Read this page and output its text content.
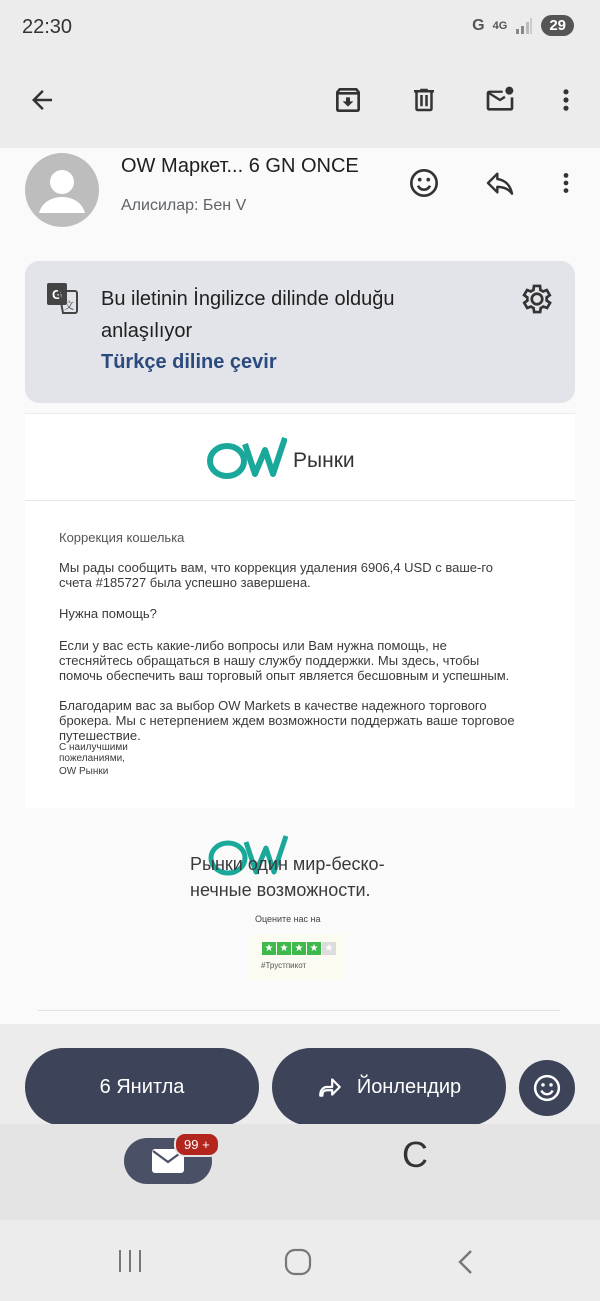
22:30	G 4G	29
OW Маркет... 6 GN ONCE
Алисилар: Бен V
G
文 Bu iletinin İngilizce dilinde olduğu anlaşılıyor
Türkçe diline çevir
Рынки
Коррекция кошелька
Мы рады сообщить вам, что коррекция удаления 6906,4 USD с ваше-го счета #185727 была успешно завершена.
Нужна помощь?
Если у вас есть какие-либо вопросы или Вам нужна помощь, не стесняйтесь обращаться в нашу службу поддержки. Мы здесь, чтобы помочь обеспечить ваш торговый опыт является бесшовным и успешным.
Благодарим вас за выбор OW Markets в качестве надежного торгового брокера. Мы с нетерпением ждем возможности поддержать ваше торговое путешествие.
С наилучшими пожеланиями,
OW Рынки
Рынки один мир-беско-нечные возможности.
Оцените нас на
★ ★ ★ ★ ★
#Трустпикот
6 Янитла	Йонлендир
99 +	C
